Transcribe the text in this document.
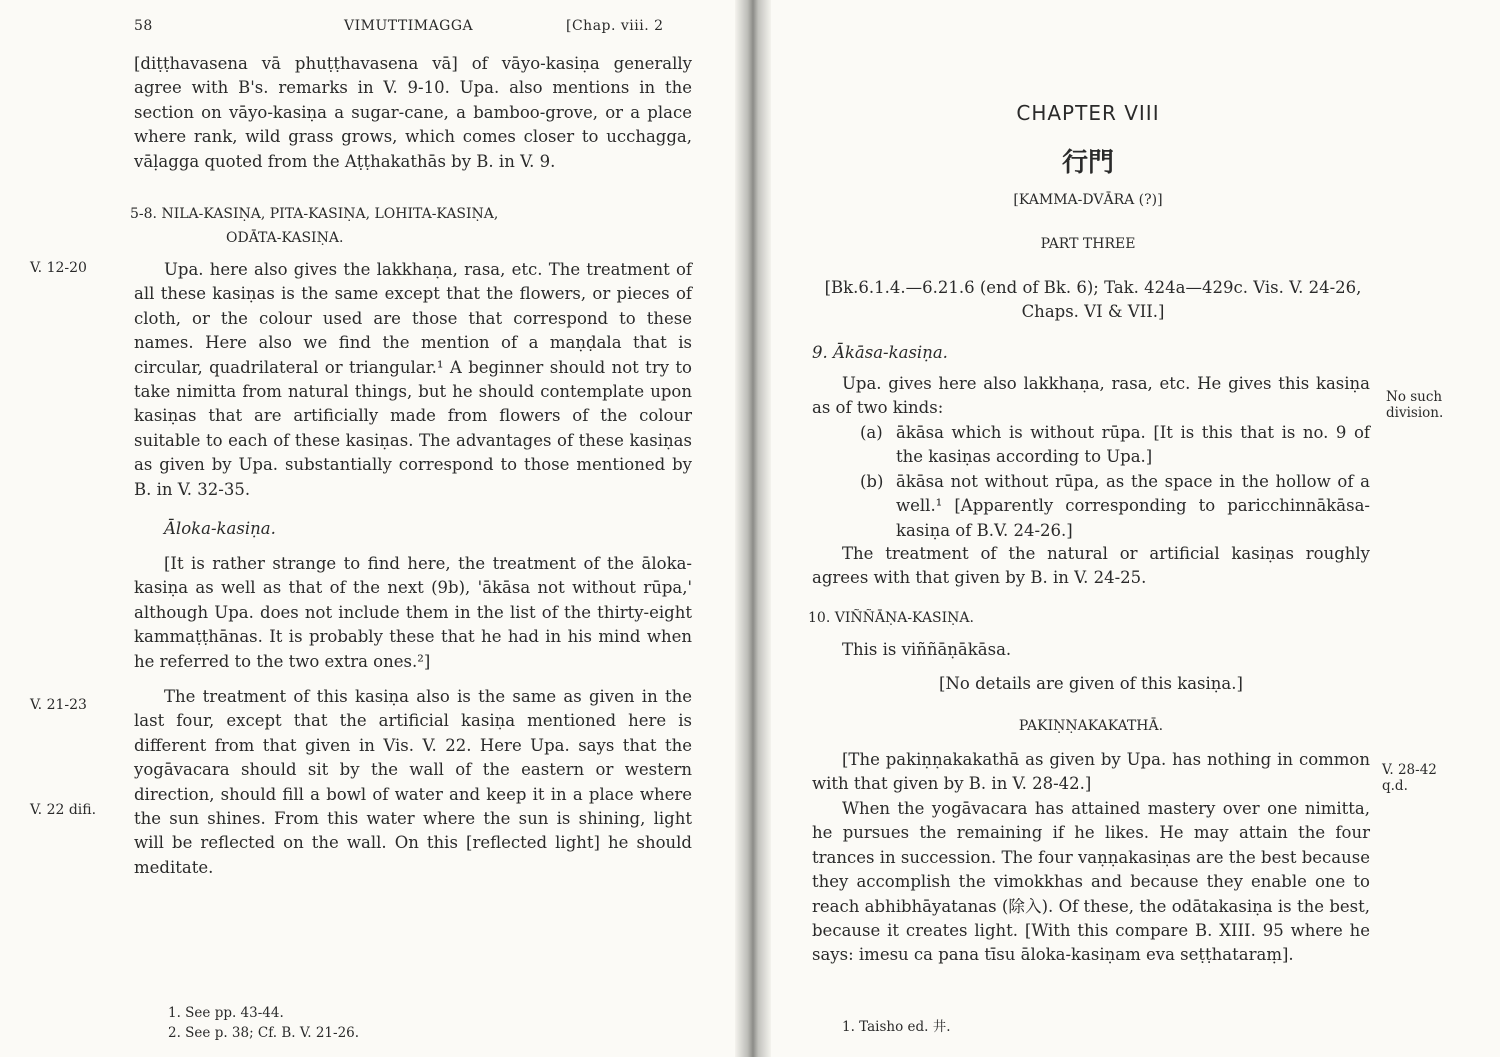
58	VIMUTTIMAGGA	[Chap. viii. 2

[diṭṭhavasena vā phuṭṭhavasena vā] of vāyo-kasiṇa generally agree with B's. remarks in V. 9-10. Upa. also mentions in the section on vāyo-kasiṇa a sugar-cane, a bamboo-grove, or a place where rank, wild grass grows, which comes closer to ucchagga, vāḷagga quoted from the Aṭṭhakathās by B. in V. 9.

5-8. NILA-KASIṆA, PITA-KASIṆA, LOHITA-KASIṆA,
ODĀTA-KASIṆA.
V. 12-20	Upa. here also gives the lakkhaṇa, rasa, etc. The treatment of all these kasiṇas is the same except that the flowers, or pieces of cloth, or the colour used are those that correspond to these names. Here also we find the mention of a maṇḍala that is circular, quadrilateral or triangular.¹ A beginner should not try to take nimitta from natural things, but he should contemplate upon kasiṇas that are artificially made from flowers of the colour suitable to each of these kasiṇas. The advantages of these kasiṇas as given by Upa. substantially correspond to those mentioned by B. in V. 32-35.

Āloka-kasiṇa.

[It is rather strange to find here, the treatment of the āloka-kasiṇa as well as that of the next (9b), 'ākāsa not without rūpa,' although Upa. does not include them in the list of the thirty-eight kammaṭṭhānas. It is probably these that he had in his mind when he referred to the two extra ones.²]

V. 21-23
V. 22 difi.

The treatment of this kasiṇa also is the same as given in the last four, except that the artificial kasiṇa mentioned here is different from that given in Vis. V. 22. Here Upa. says that the yogāvacara should sit by the wall of the eastern or western direction, should fill a bowl of water and keep it in a place where the sun shines. From this water where the sun is shining, light will be reflected on the wall. On this [reflected light] he should meditate.

1. See pp. 43-44.
2. See p. 38; Cf. B. V. 21-26.
CHAPTER VIII
行門
[KAMMA-DVĀRA (?)]
PART THREE
[Bk.6.1.4.—6.21.6 (end of Bk. 6); Tak. 424a—429c. Vis. V. 24-26, Chaps. VI & VII.]
9. Ākāsa-kasiṇa.

Upa. gives here also lakkhaṇa, rasa, etc. He gives this kasiṇa as of two kinds:

No such division.
(a) ākāsa which is without rūpa. [It is this that is no. 9 of the kasiṇas according to Upa.]

(b) ākāsa not without rūpa, as the space in the hollow of a well.¹ [Apparently corresponding to paricchinnākāsa-kasiṇa of B.V. 24-26.]

The treatment of the natural or artificial kasiṇas roughly agrees with that given by B. in V. 24-25.

10. VIÑÑĀṆA-KASIṆA.

This is viññāṇākāsa.

[No details are given of this kasiṇa.]
PAKIṆṆAKAKATHĀ.

[The pakiṇṇakakathā as given by Upa. has nothing in common with that given by B. in V. 28-42.]

V. 28-42 q.d.

When the yogāvacara has attained mastery over one nimitta, he pursues the remaining if he likes. He may attain the four trances in succession. The four vaṇṇakasiṇas are the best because they accomplish the vimokkhas and because they enable one to reach abhibhāyatanas (除入). Of these, the odātakasiṇa is the best, because it creates light. [With this compare B. XIII. 95 where he says: imesu ca pana tīsu āloka-kasiṇam eva seṭṭhataraṃ].

1. Taisho ed. 井.
